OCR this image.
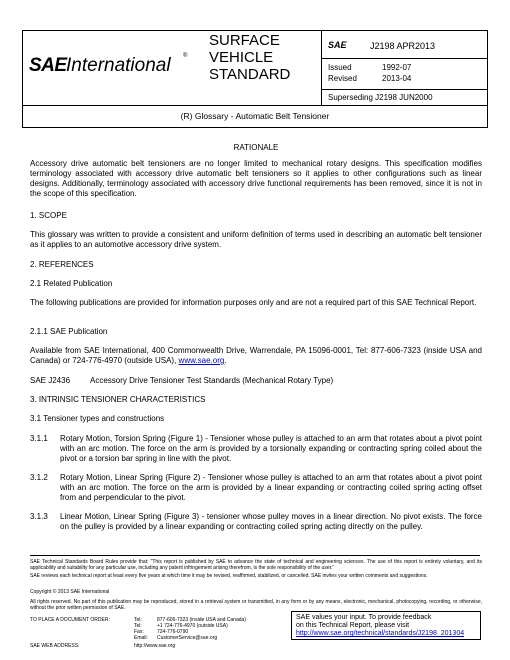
SAE International ®
SURFACE
VEHICLE
STANDARD
SAE	J2198 APR2013
Issued	1992-07
Revised	2013-04
Superseding J2198 JUN2000
(R) Glossary - Automatic Belt Tensioner
RATIONALE
Accessory drive automatic belt tensioners are no longer limited to mechanical rotary designs. This specification modifies terminology associated with accessory drive automatic belt tensioners so it applies to other configurations such as linear designs. Additionally, terminology associated with accessory drive functional requirements has been removed, since it is not in the scope of this specification.
1. SCOPE
This glossary was written to provide a consistent and uniform definition of terms used in describing an automatic belt tensioner as it applies to an automotive accessory drive system.
2. REFERENCES
2.1 Related Publication
The following publications are provided for information purposes only and are not a required part of this SAE Technical Report.
2.1.1 SAE Publication
Available from SAE International, 400 Commonwealth Drive, Warrendale, PA 15096-0001, Tel: 877-606-7323 (inside USA and Canada) or 724-776-4970 (outside USA), www.sae.org.
SAE J2436 Accessory Drive Tensioner Test Standards (Mechanical Rotary Type)
3. INTRINSIC TENSIONER CHARACTERISTICS
3.1 Tensioner types and constructions
3.1.1 Rotary Motion, Torsion Spring (Figure 1) - Tensioner whose pulley is attached to an arm that rotates about a pivot point with an arc motion. The force on the arm is provided by a torsionally expanding or contracting spring coiled about the pivot or a torsion bar spring in line with the pivot.
3.1.2 Rotary Motion, Linear Spring (Figure 2) - Tensioner whose pulley is attached to an arm that rotates about a pivot point with an arc motion. The force on the arm is provided by a linear expanding or contracting coiled spring acting offset from and perpendicular to the pivot.
3.1.3 Linear Motion, Linear Spring (Figure 3) - tensioner whose pulley moves in a linear direction. No pivot exists. The force on the pulley is provided by a linear expanding or contracting coiled spring acting directly on the pulley.
SAE Technical Standards Board Rules provide that: "This report is published by SAE to advance the state of technical and engineering sciences. The use of this report is entirely voluntary, and its applicability and suitability for any particular use, including any patent infringement arising therefrom, is the sole responsibility of the user."
SAE reviews each technical report at least every five years at which time it may be revised, reaffirmed, stabilized, or cancelled. SAE invites your written comments and suggestions.
Copyright © 2013 SAE International
All rights reserved. No part of this publication may be reproduced, stored in a retrieval system or transmitted, in any form or by any means, electronic, mechanical, photocopying, recording, or otherwise, without the prior written permission of SAE.
TO PLACE A DOCUMENT ORDER:	Tel:	877-606-7323 (inside USA and Canada)
Tel:	+1 724-776-4970 (outside USA)
Fax:	724-776-0790
Email: CustomerService@sae.org
SAE WEB ADDRESS:	http://www.sae.org
SAE values your input. To provide feedback
on this Technical Report, please visit
http://www.sae.org/technical/standards/J2198_201304
